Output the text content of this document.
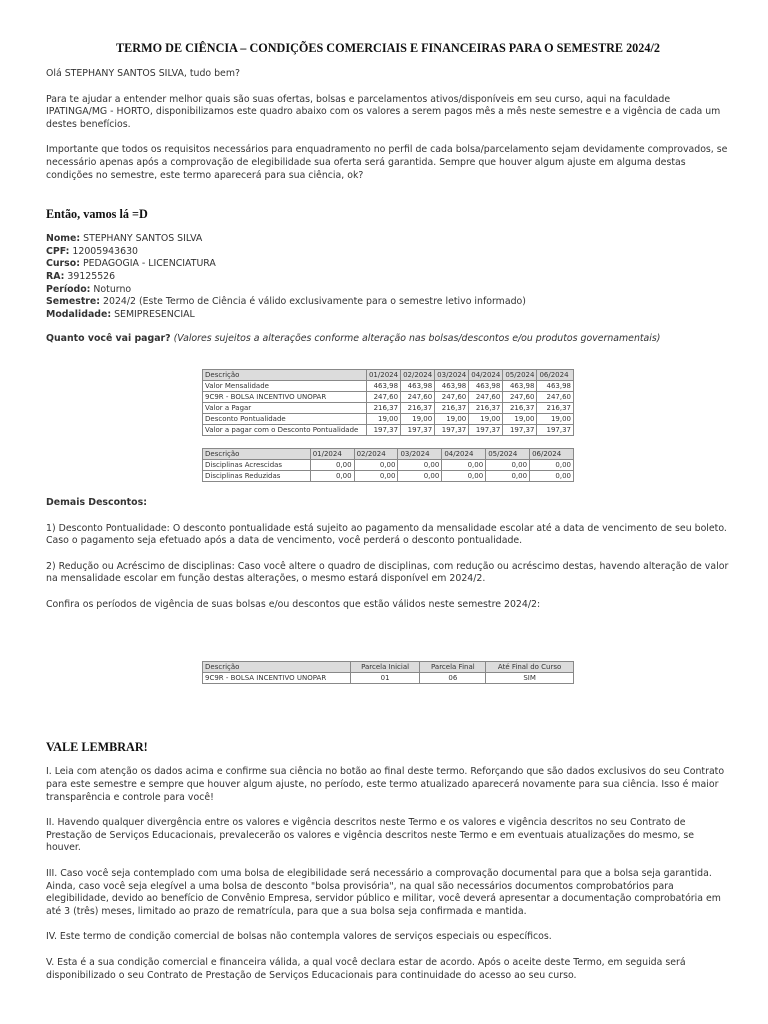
TERMO DE CIÊNCIA – CONDIÇÕES COMERCIAIS E FINANCEIRAS PARA O SEMESTRE 2024/2

Olá STEPHANY SANTOS SILVA, tudo bem?

Para te ajudar a entender melhor quais são suas ofertas, bolsas e parcelamentos ativos/disponíveis em seu curso, aqui na faculdade IPATINGA/MG - HORTO, disponibilizamos este quadro abaixo com os valores a serem pagos mês a mês neste semestre e a vigência de cada um destes benefícios.

Importante que todos os requisitos necessários para enquadramento no perfil de cada bolsa/parcelamento sejam devidamente comprovados, se necessário apenas após a comprovação de elegibilidade sua oferta será garantida. Sempre que houver algum ajuste em alguma destas condições no semestre, este termo aparecerá para sua ciência, ok?

Então, vamos lá =D
Nome: STEPHANY SANTOS SILVA
CPF: 12005943630
Curso: PEDAGOGIA - LICENCIATURA
RA: 39125526
Período: Noturno
Semestre: 2024/2 (Este Termo de Ciência é válido exclusivamente para o semestre letivo informado)
Modalidade: SEMIPRESENCIAL

Quanto você vai pagar? (Valores sujeitos a alterações conforme alteração nas bolsas/descontos e/ou produtos governamentais)

Descrição	01/2024	02/2024	03/2024	04/2024	05/2024	06/2024
Valor Mensalidade	463,98	463,98	463,98	463,98	463,98	463,98
9C9R - BOLSA INCENTIVO UNOPAR	247,60	247,60	247,60	247,60	247,60	247,60
Valor a Pagar	216,37	216,37	216,37	216,37	216,37	216,37
Desconto Pontualidade	19,00	19,00	19,00	19,00	19,00	19,00
Valor a pagar com o Desconto Pontualidade	197,37	197,37	197,37	197,37	197,37	197,37
Descrição	01/2024	02/2024	03/2024	04/2024	05/2024	06/2024
Disciplinas Acrescidas	0,00	0,00	0,00	0,00	0,00	0,00
Disciplinas Reduzidas	0,00	0,00	0,00	0,00	0,00	0,00

Demais Descontos:

1) Desconto Pontualidade: O desconto pontualidade está sujeito ao pagamento da mensalidade escolar até a data de vencimento de seu boleto. Caso o pagamento seja efetuado após a data de vencimento, você perderá o desconto pontualidade.

2) Redução ou Acréscimo de disciplinas: Caso você altere o quadro de disciplinas, com redução ou acréscimo destas, havendo alteração de valor na mensalidade escolar em função destas alterações, o mesmo estará disponível em 2024/2.

Confira os períodos de vigência de suas bolsas e/ou descontos que estão válidos neste semestre 2024/2:

Descrição	Parcela Inicial	Parcela Final	Até Final do Curso
9C9R - BOLSA INCENTIVO UNOPAR	01	06	SIM
VALE LEMBRAR!

I. Leia com atenção os dados acima e confirme sua ciência no botão ao final deste termo. Reforçando que são dados exclusivos do seu Contrato para este semestre e sempre que houver algum ajuste, no período, este termo atualizado aparecerá novamente para sua ciência. Isso é maior transparência e controle para você!

II. Havendo qualquer divergência entre os valores e vigência descritos neste Termo e os valores e vigência descritos no seu Contrato de Prestação de Serviços Educacionais, prevalecerão os valores e vigência descritos neste Termo e em eventuais atualizações do mesmo, se houver.

III. Caso você seja contemplado com uma bolsa de elegibilidade será necessário a comprovação documental para que a bolsa seja garantida. Ainda, caso você seja elegível a uma bolsa de desconto "bolsa provisória", na qual são necessários documentos comprobatórios para elegibilidade, devido ao benefício de Convênio Empresa, servidor público e militar, você deverá apresentar a documentação comprobatória em até 3 (três) meses, limitado ao prazo de rematrícula, para que a sua bolsa seja confirmada e mantida.

IV. Este termo de condição comercial de bolsas não contempla valores de serviços especiais ou específicos.

V. Esta é a sua condição comercial e financeira válida, a qual você declara estar de acordo. Após o aceite deste Termo, em seguida será disponibilizado o seu Contrato de Prestação de Serviços Educacionais para continuidade do acesso ao seu curso.
